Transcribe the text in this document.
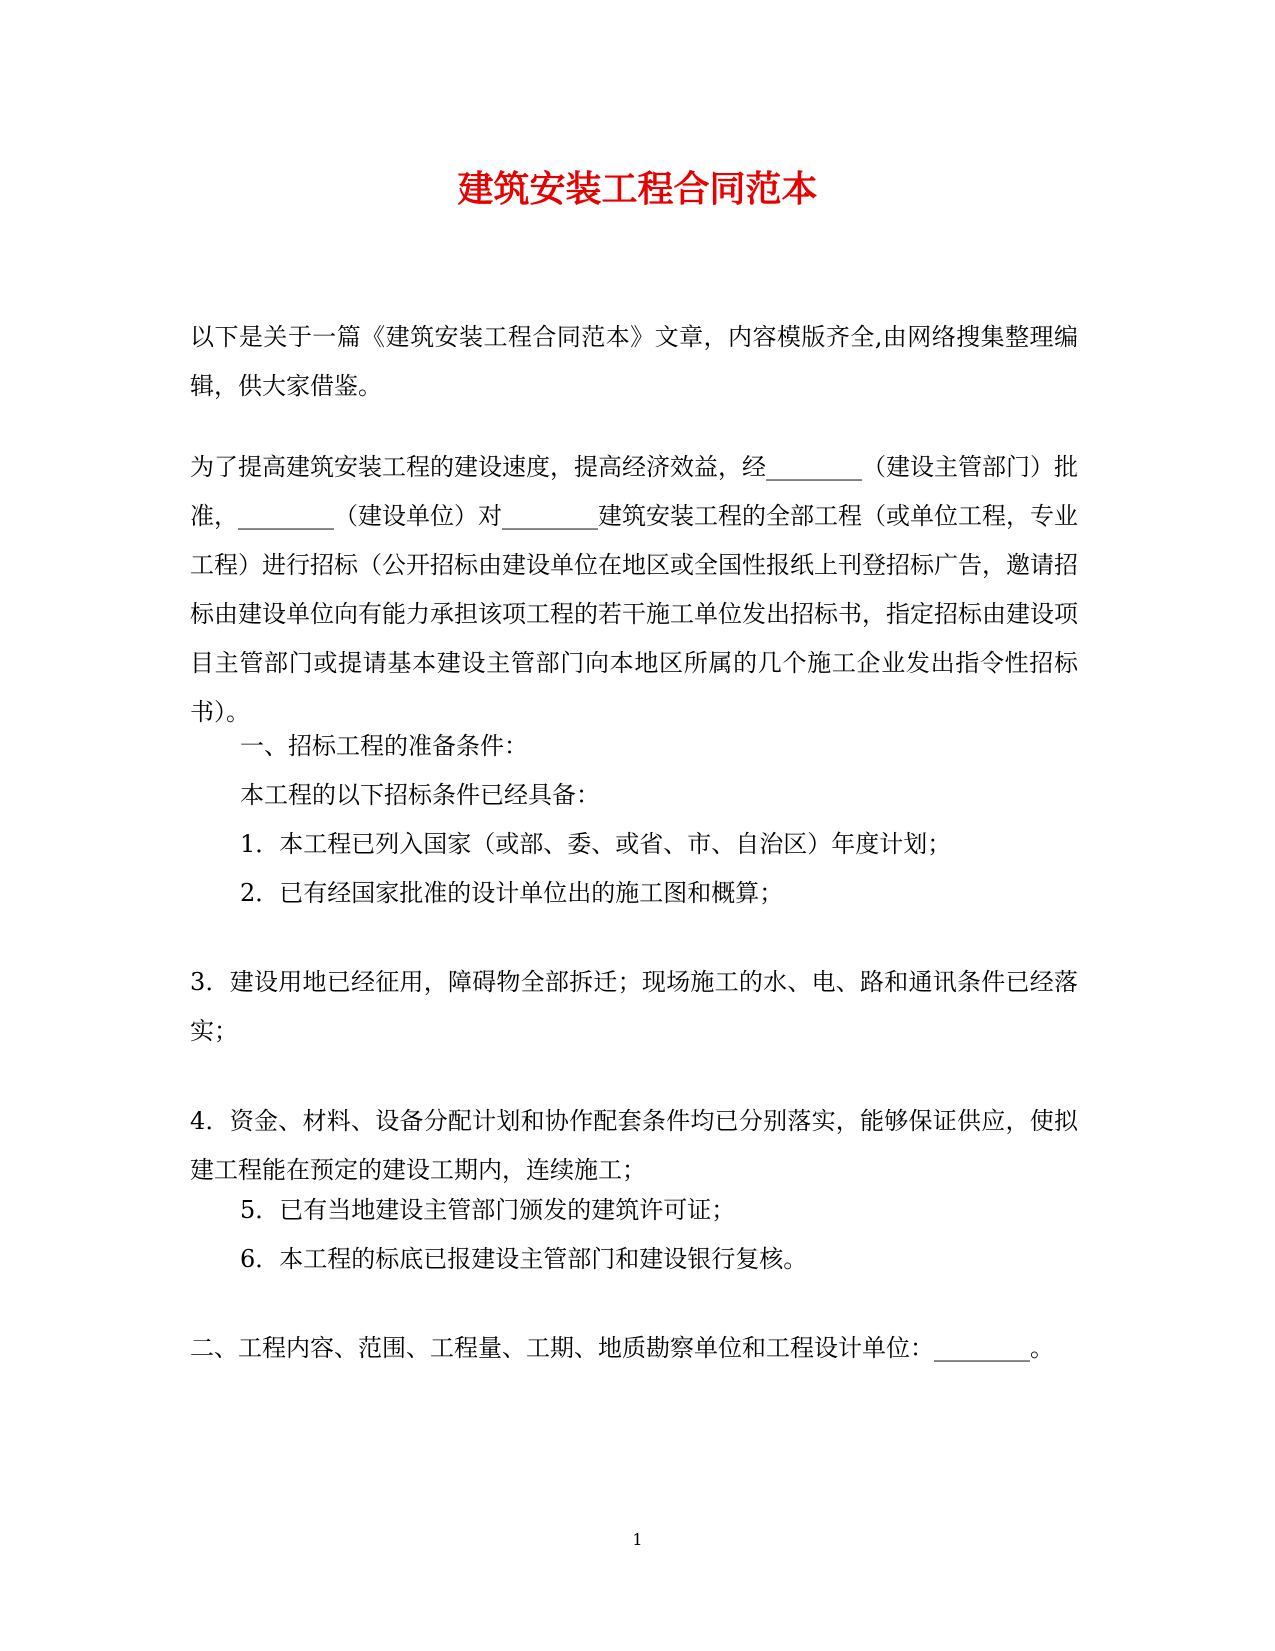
建筑安装工程合同范本

以下是关于一篇《建筑安装工程合同范本》文章，内容模版齐全,由网络搜集整理编辑，供大家借鉴。

为了提高建筑安装工程的建设速度，提高经济效益，经________（建设主管部门）批准，________（建设单位）对________建筑安装工程的全部工程（或单位工程，专业工程）进行招标（公开招标由建设单位在地区或全国性报纸上刊登招标广告，邀请招标由建设单位向有能力承担该项工程的若干施工单位发出招标书，指定招标由建设项目主管部门或提请基本建设主管部门向本地区所属的几个施工企业发出指令性招标书）。

一、招标工程的准备条件：

本工程的以下招标条件已经具备：

1．本工程已列入国家（或部、委、或省、市、自治区）年度计划；

2．已有经国家批准的设计单位出的施工图和概算；

3．建设用地已经征用，障碍物全部拆迁；现场施工的水、电、路和通讯条件已经落实；

4．资金、材料、设备分配计划和协作配套条件均已分别落实，能够保证供应，使拟建工程能在预定的建设工期内，连续施工；

5．已有当地建设主管部门颁发的建筑许可证；

6．本工程的标底已报建设主管部门和建设银行复核。

二、工程内容、范围、工程量、工期、地质勘察单位和工程设计单位：________。

1
